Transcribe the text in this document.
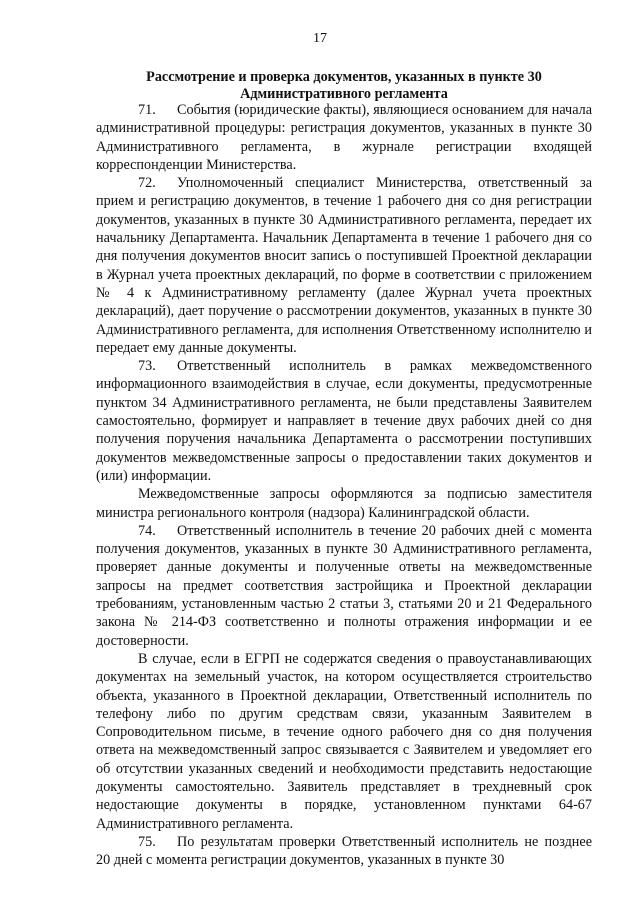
17
Рассмотрение и проверка документов, указанных в пункте 30
Административного регламента

71.   События (юридические факты), являющиеся основанием для начала административной процедуры: регистрация документов, указанных в пункте 30 Административного регламента, в журнале регистрации входящей корреспонденции Министерства.

72.   Уполномоченный специалист Министерства, ответственный за прием и регистрацию документов, в течение 1 рабочего дня со дня регистрации документов, указанных в пункте 30 Административного регламента, передает их начальнику Департамента. Начальник Департамента в течение 1 рабочего дня со дня получения документов вносит запись о поступившей Проектной декларации в Журнал учета проектных деклараций, по форме в соответствии с приложением № 4 к Административному регламенту (далее Журнал учета проектных деклараций), дает поручение о рассмотрении документов, указанных в пункте 30 Административного регламента, для исполнения Ответственному исполнителю и передает ему данные документы.

73.   Ответственный исполнитель в рамках межведомственного информационного взаимодействия в случае, если документы, предусмотренные пунктом 34 Административного регламента, не были представлены Заявителем самостоятельно, формирует и направляет в течение двух рабочих дней со дня получения поручения начальника Департамента о рассмотрении поступивших документов межведомственные запросы о предоставлении таких документов и (или) информации.

Межведомственные запросы оформляются за подписью заместителя министра регионального контроля (надзора) Калининградской области.

74.   Ответственный исполнитель в течение 20 рабочих дней с момента получения документов, указанных в пункте 30 Административного регламента, проверяет данные документы и полученные ответы на межведомственные запросы на предмет соответствия застройщика и Проектной декларации требованиям, установленным частью 2 статьи 3, статьями 20 и 21 Федерального закона № 214-ФЗ соответственно и полноты отражения информации и ее достоверности.

В случае, если в ЕГРП не содержатся сведения о правоустанавливающих документах на земельный участок, на котором осуществляется строительство объекта, указанного в Проектной декларации, Ответственный исполнитель по телефону либо по другим средствам связи, указанным Заявителем в Сопроводительном письме, в течение одного рабочего дня со дня получения ответа на межведомственный запрос связывается с Заявителем и уведомляет его об отсутствии указанных сведений и необходимости представить недостающие документы самостоятельно. Заявитель представляет в трехдневный срок недостающие документы в порядке, установленном пунктами 64-67 Административного регламента.

75.   По результатам проверки Ответственный исполнитель не позднее 20 дней с момента регистрации документов, указанных в пункте 30
